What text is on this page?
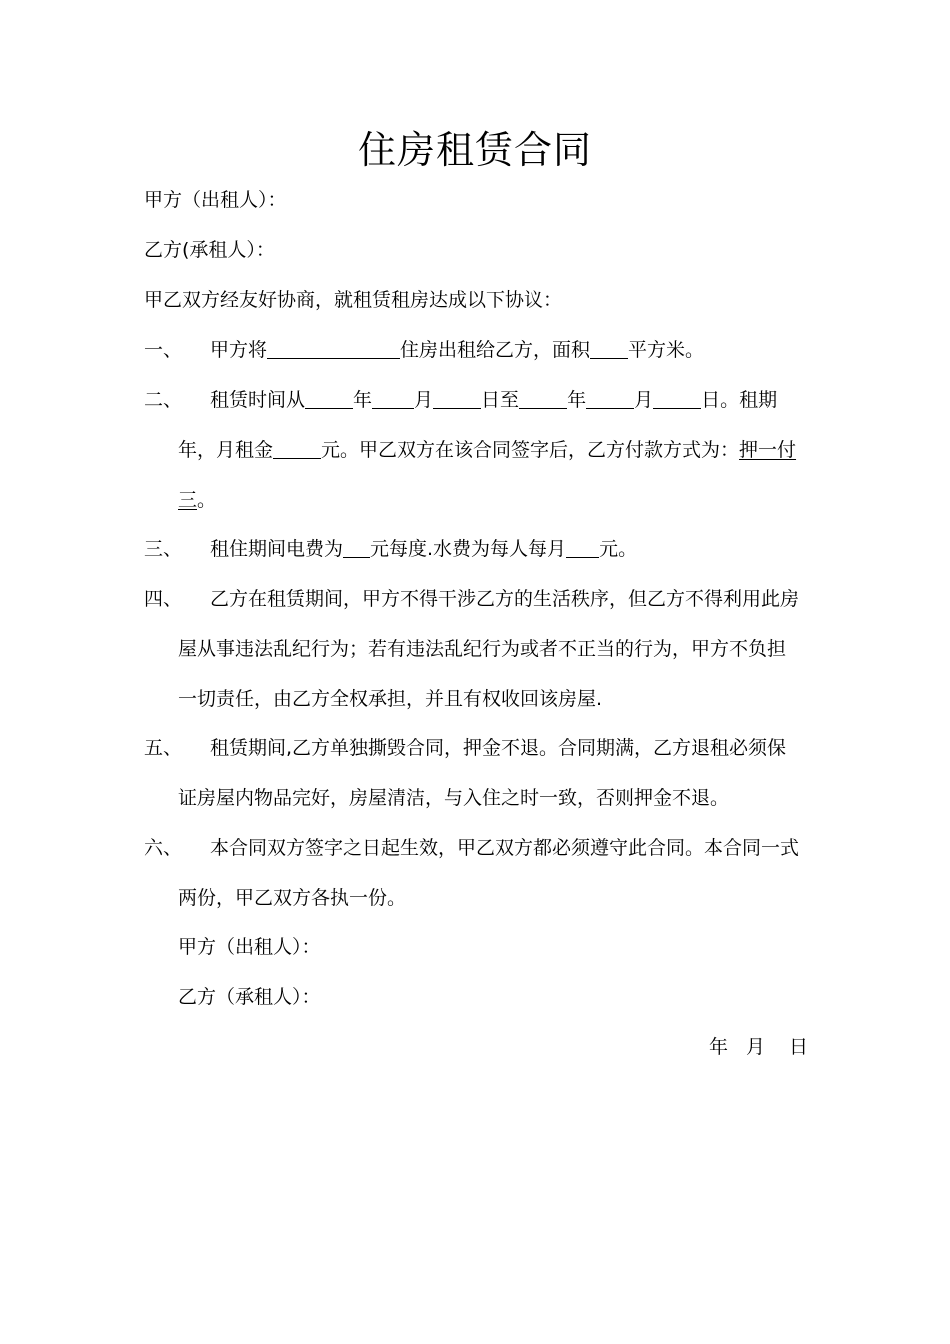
住房租赁合同
甲方（出租人）：
乙方(承租人）：
甲乙双方经友好协商，就租赁租房达成以下协议：
一、 甲方将	住房出租给乙方，面积 平方米。
二、 租赁时间从	年 月	日至	年	月	日。租期
年，月租金	元。甲乙双方在该合同签字后，乙方付款方式为：押一付
三。
三、 租住期间电费为 元每度.水费为每人每月 元。
四、 乙方在租赁期间，甲方不得干涉乙方的生活秩序，但乙方不得利用此房
屋从事违法乱纪行为；若有违法乱纪行为或者不正当的行为，甲方不负担
一切责任，由乙方全权承担，并且有权收回该房屋.
五、 租赁期间,乙方单独撕毁合同，押金不退。合同期满，乙方退租必须保
证房屋内物品完好，房屋清洁，与入住之时一致，否则押金不退。
六、 本合同双方签字之日起生效，甲乙双方都必须遵守此合同。本合同一式
两份，甲乙双方各执一份。
甲方（出租人）：
乙方（承租人）：
年 月 日
